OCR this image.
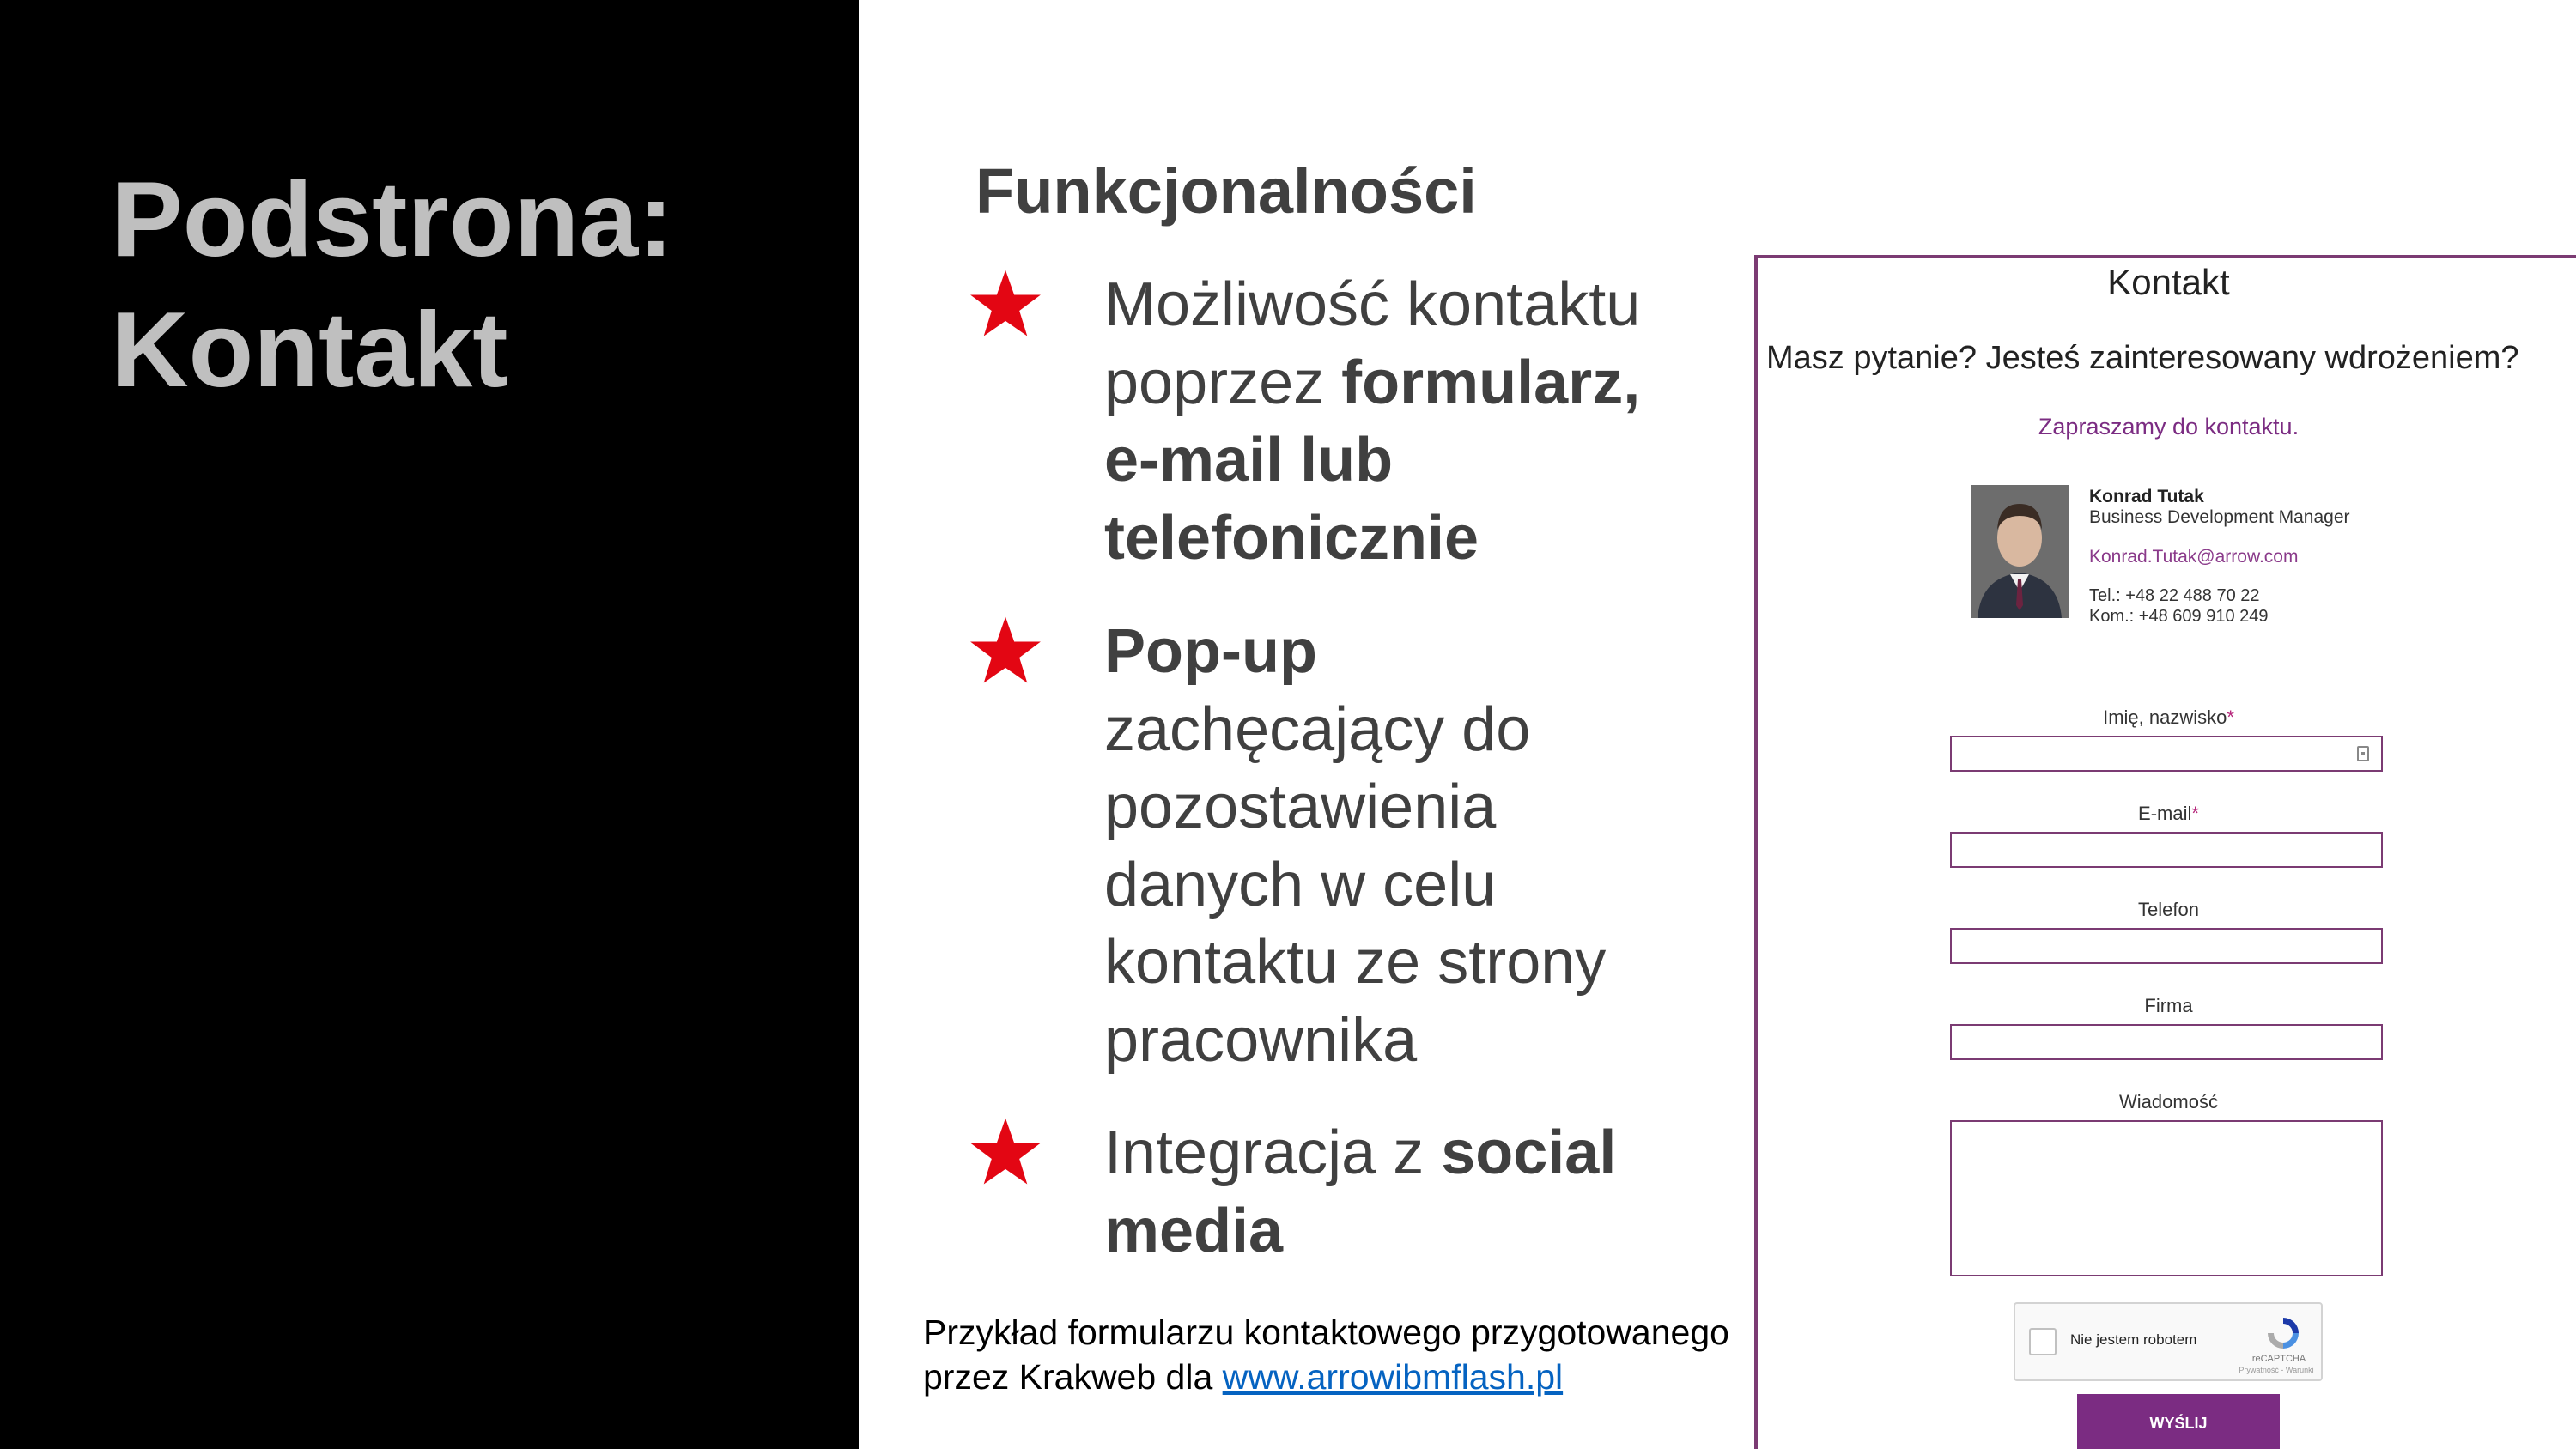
Podstrona:
Kontakt
Funkcjonalności
Możliwość kontaktu
poprzez formularz,
e-mail lub
telefonicznie
Pop-up
zachęcający do
pozostawienia
danych w celu
kontaktu ze strony
pracownika
Integracja z social
media
Przykład formularzu kontaktowego przygotowanego
przez Krakweb dla www.arrowibmflash.pl
Kontakt
Masz pytanie? Jesteś zainteresowany wdrożeniem?
Zapraszamy do kontaktu.
Konrad Tutak
Business Development Manager
Konrad.Tutak@arrow.com
Tel.: +48 22 488 70 22
Kom.: +48 609 910 249
Imię, nazwisko*
E-mail*
Telefon
Firma
Wiadomość
Nie jestem robotem
reCAPTCHA
Prywatność - Warunki
WYŚLIJ
